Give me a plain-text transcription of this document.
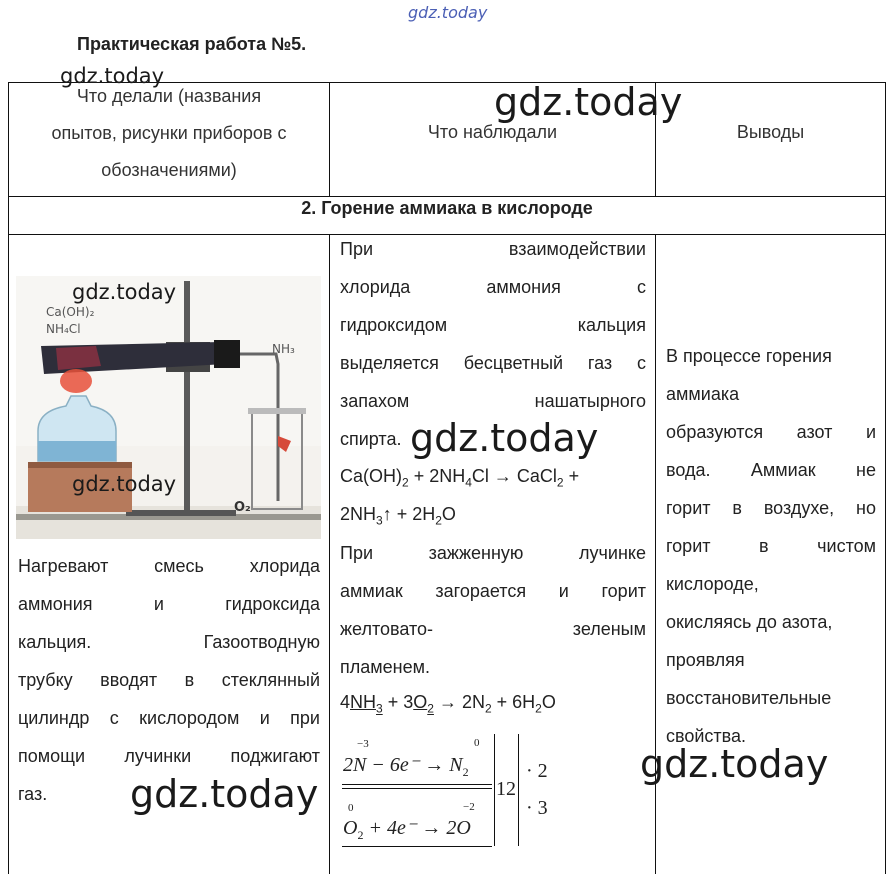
gdz.today
Практическая работа №5.
Что делали (названия
опытов, рисунки приборов с
обозначениями)
Что наблюдали	Выводы
2. Горение аммиака в кислороде
Ca(OH)₂
NH₄Cl
NH₃
O₂
Нагревают смесь хлорида
аммония и гидроксида
кальция. Газоотводную
трубку вводят в стеклянный
цилиндр с кислородом и при
помощи лучинки поджигают
газ.
При взаимодействии
хлорида аммония с
гидроксидом кальция
выделяется бесцветный газ с
запахом нашатырного
спирта.
$Ca(OH)_2 + 2NH_4Cl$ → CaCl$_2$ +
$2NH_3↑ + 2H_2O$
При зажженную лучинке
аммиак загорается и горит
желтовато- зеленым
пламенем.
$4NH_3 + 3O_2 \to 2N_2 + 6H_2O$
−3
$2N - 6e^- \to N_2$
0
0
$O_2 + 4e^- \to 2O$
−2
12
· 2
· 3
В процессе горения
аммиака
образуются азот и
вода. Аммиак не
горит в воздухе, но
горит в чистом
кислороде,
окисляясь до азота,
проявляя
восстановительные
свойства.
gdz.today
gdz.today
gdz.today
gdz.today
gdz.today
gdz.today
gdz.today
